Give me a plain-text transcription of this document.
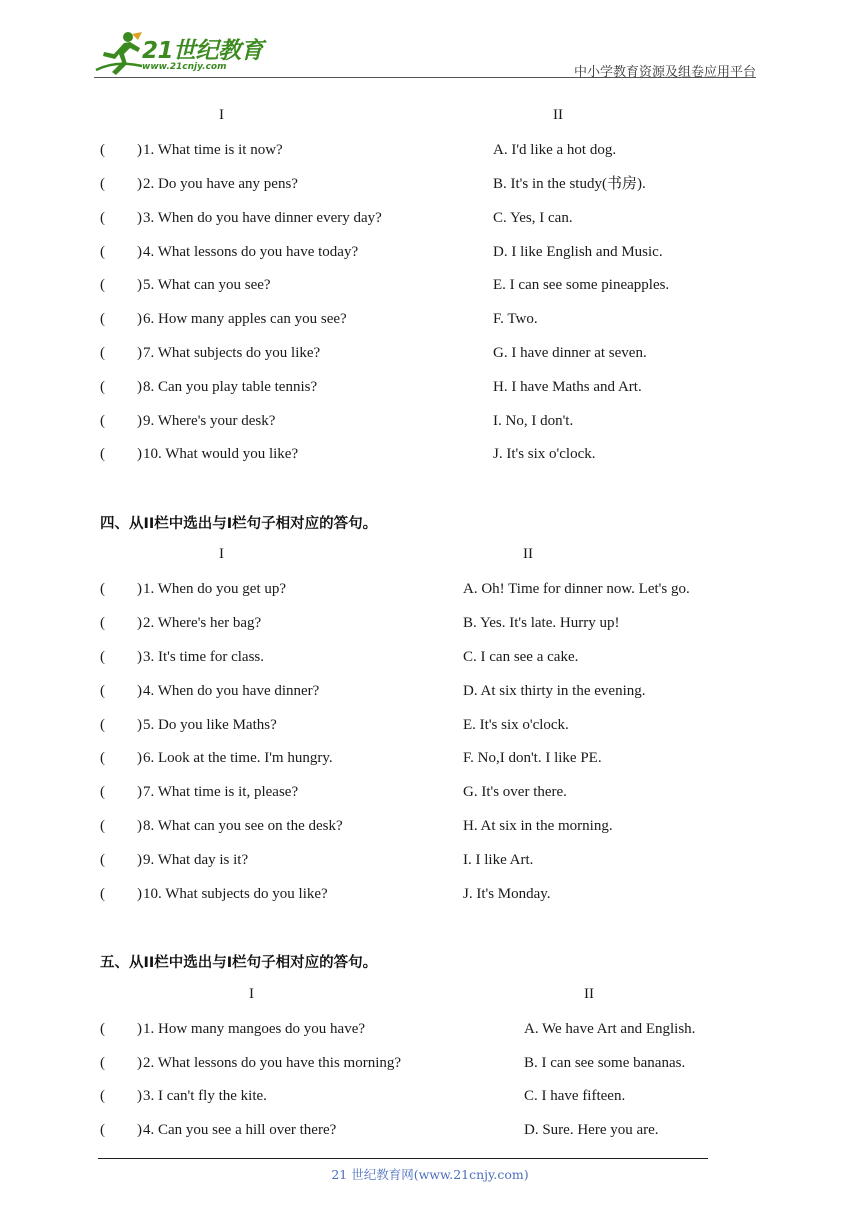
21世纪教育
www.21cnjy.com	中小学教育资源及组卷应用平台
I	II
( ) 1. What time is it now?	A. I'd like a hot dog.
( ) 2. Do you have any pens?	B. It's in the study(书房).
( ) 3. When do you have dinner every day?	C. Yes, I can.
( ) 4. What lessons do you have today?	D. I like English and Music.
( ) 5. What can you see?	E. I can see some pineapples.
( ) 6. How many apples can you see?	F. Two.
( ) 7. What subjects do you like?	G. I have dinner at seven.
( ) 8. Can you play table tennis?	H. I have Maths and Art.
( ) 9. Where's your desk?	I. No, I don't.
( ) 10. What would you like?	J. It's six o'clock.
四、从II栏中选出与I栏句子相对应的答句。
I	II
( ) 1. When do you get up?	A. Oh! Time for dinner now. Let's go.
( ) 2. Where's her bag?	B. Yes. It's late. Hurry up!
( ) 3. It's time for class.	C. I can see a cake.
( ) 4. When do you have dinner?	D. At six thirty in the evening.
( ) 5. Do you like Maths?	E. It's six o'clock.
( ) 6. Look at the time. I'm hungry.	F. No,I don't. I like PE.
( ) 7. What time is it, please?	G. It's over there.
( ) 8. What can you see on the desk?	H. At six in the morning.
( ) 9. What day is it?	I. I like Art.
( ) 10. What subjects do you like?	J. It's Monday.
五、从II栏中选出与I栏句子相对应的答句。
I	II
( ) 1. How many mangoes do you have?	A. We have Art and English.
( ) 2. What lessons do you have this morning?	B. I can see some bananas.
( ) 3. I can't fly the kite.	C. I have fifteen.
( ) 4. Can you see a hill over there?	D. Sure. Here you are.
21 世纪教育网(www.21cnjy.com)
